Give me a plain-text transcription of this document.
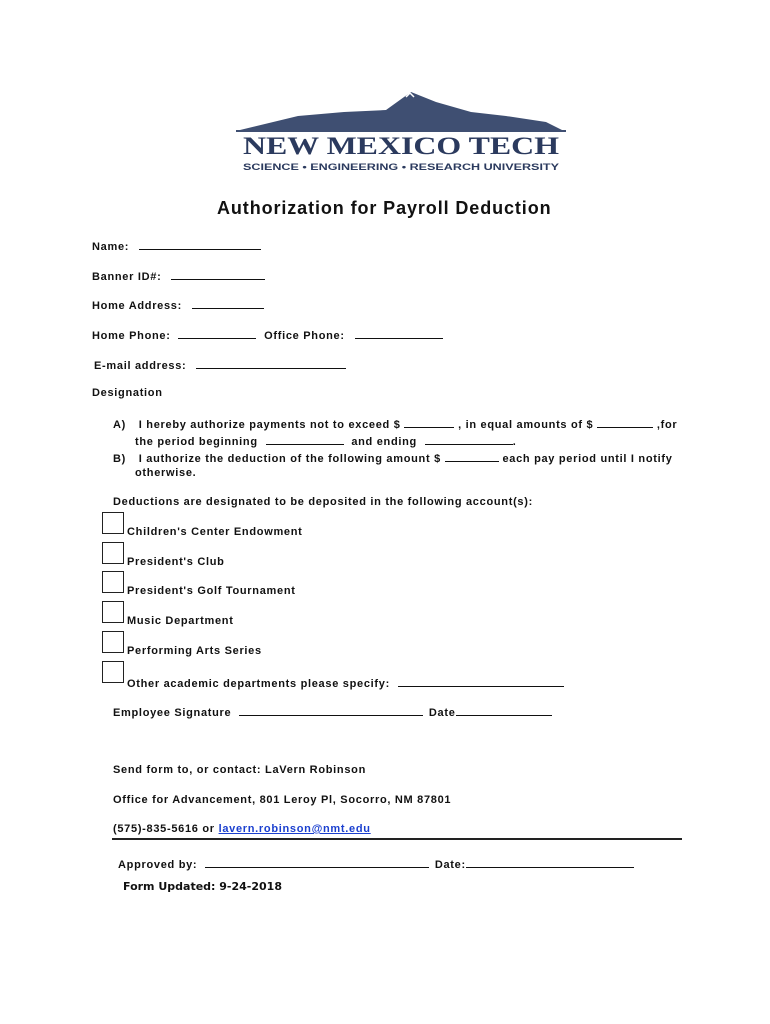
NEW MEXICO TECH
SCIENCE • ENGINEERING • RESEARCH UNIVERSITY
Authorization for Payroll Deduction
Name:
Banner ID#:
Home Address:
Home Phone:	Office Phone:
E-mail address:
Designation
A) I hereby authorize payments not to exceed $	, in equal amounts of $	,for
the period beginning	and ending	.
B) I authorize the deduction of the following amount $	each pay period until I notify
otherwise.
Deductions are designated to be deposited in the following account(s):
Children's Center Endowment
President's Club
President's Golf Tournament
Music Department
Performing Arts Series
Other academic departments please specify:
Employee Signature	Date
Send form to, or contact: LaVern Robinson
Office for Advancement, 801 Leroy Pl, Socorro, NM 87801
(575)-835-5616 or lavern.robinson@nmt.edu
Approved by:	Date:
Form Updated: 9-24-2018
